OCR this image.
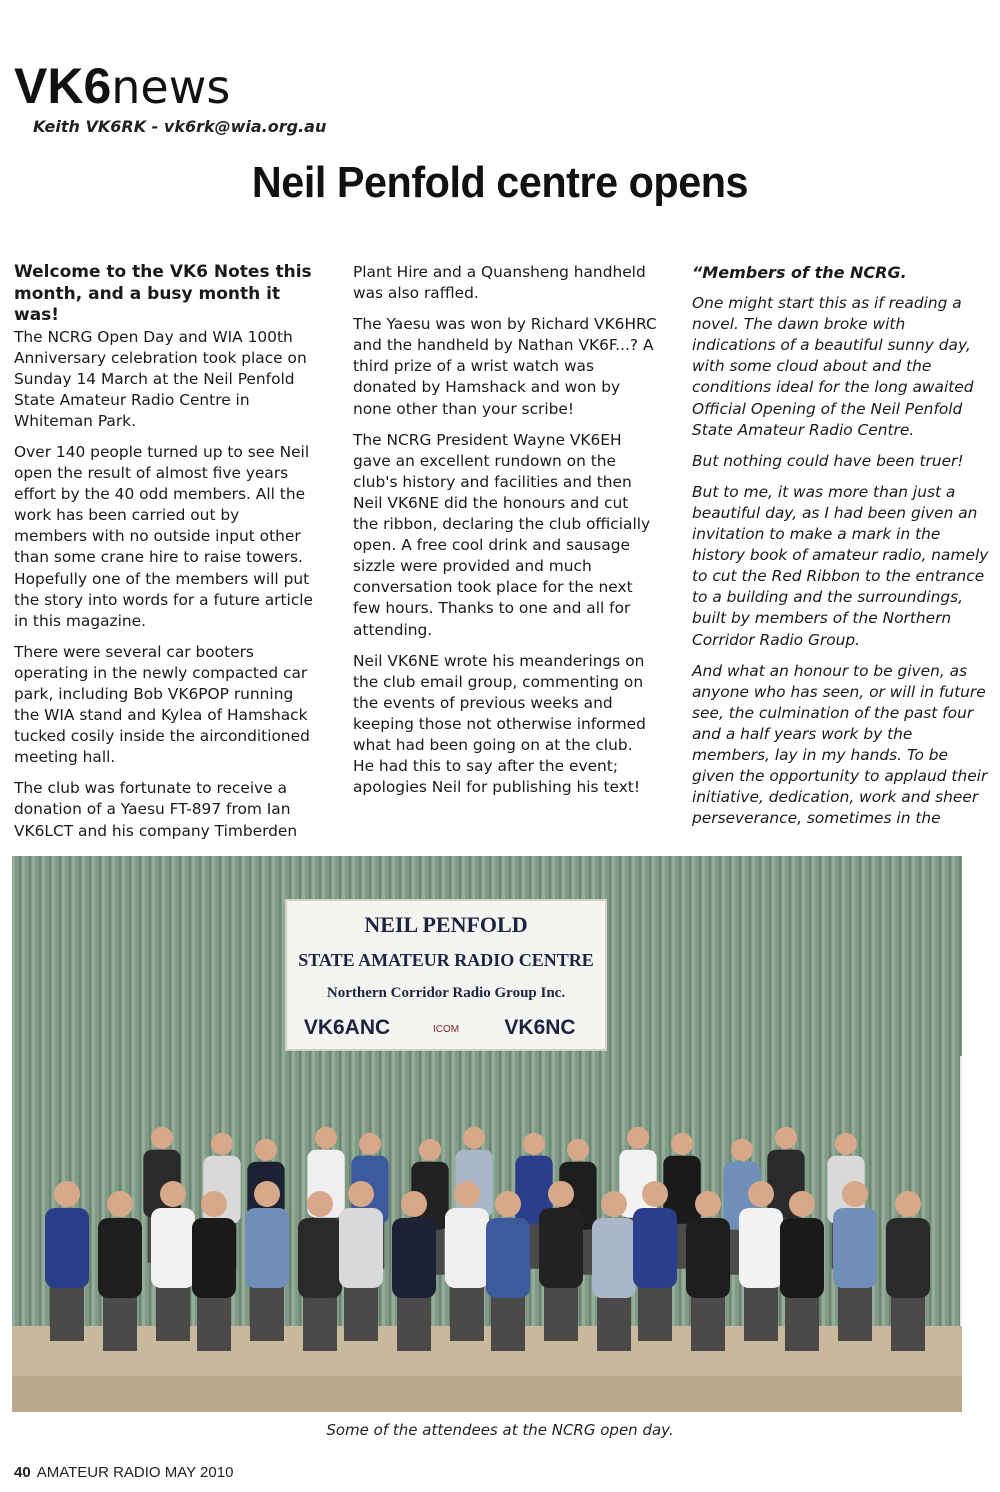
VK6news
Keith VK6RK - vk6rk@wia.org.au
Neil Penfold centre opens

Welcome to the VK6 Notes this month, and a busy month it was!
The NCRG Open Day and WIA 100th Anniversary celebration took place on Sunday 14 March at the Neil Penfold State Amateur Radio Centre in Whiteman Park.

Over 140 people turned up to see Neil open the result of almost five years effort by the 40 odd members. All the work has been carried out by members with no outside input other than some crane hire to raise towers. Hopefully one of the members will put the story into words for a future article in this magazine.

There were several car booters operating in the newly compacted car park, including Bob VK6POP running the WIA stand and Kylea of Hamshack tucked cosily inside the airconditioned meeting hall.

The club was fortunate to receive a donation of a Yaesu FT-897 from Ian VK6LCT and his company Timberden

Plant Hire and a Quansheng handheld was also raffled.

The Yaesu was won by Richard VK6HRC and the handheld by Nathan VK6F...? A third prize of a wrist watch was donated by Hamshack and won by none other than your scribe!

The NCRG President Wayne VK6EH gave an excellent rundown on the club's history and facilities and then Neil VK6NE did the honours and cut the ribbon, declaring the club officially open. A free cool drink and sausage sizzle were provided and much conversation took place for the next few hours. Thanks to one and all for attending.

Neil VK6NE wrote his meanderings on the club email group, commenting on the events of previous weeks and keeping those not otherwise informed what had been going on at the club. He had this to say after the event; apologies Neil for publishing his text!

“Members of the NCRG.

One might start this as if reading a novel. The dawn broke with indications of a beautiful sunny day, with some cloud about and the conditions ideal for the long awaited Official Opening of the Neil Penfold State Amateur Radio Centre.

But nothing could have been truer!

But to me, it was more than just a beautiful day, as I had been given an invitation to make a mark in the history book of amateur radio, namely to cut the Red Ribbon to the entrance to a building and the surroundings, built by members of the Northern Corridor Radio Group.

And what an honour to be given, as anyone who has seen, or will in future see, the culmination of the past four and a half years work by the members, lay in my hands. To be given the opportunity to applaud their initiative, dedication, work and sheer perseverance, sometimes in the

NEIL PENFOLD
STATE AMATEUR RADIO CENTRE
Northern Corridor Radio Group Inc.
VK6ANC	ICOM VK6NC
Some of the attendees at the NCRG open day.
40 AMATEUR RADIO MAY 2010
